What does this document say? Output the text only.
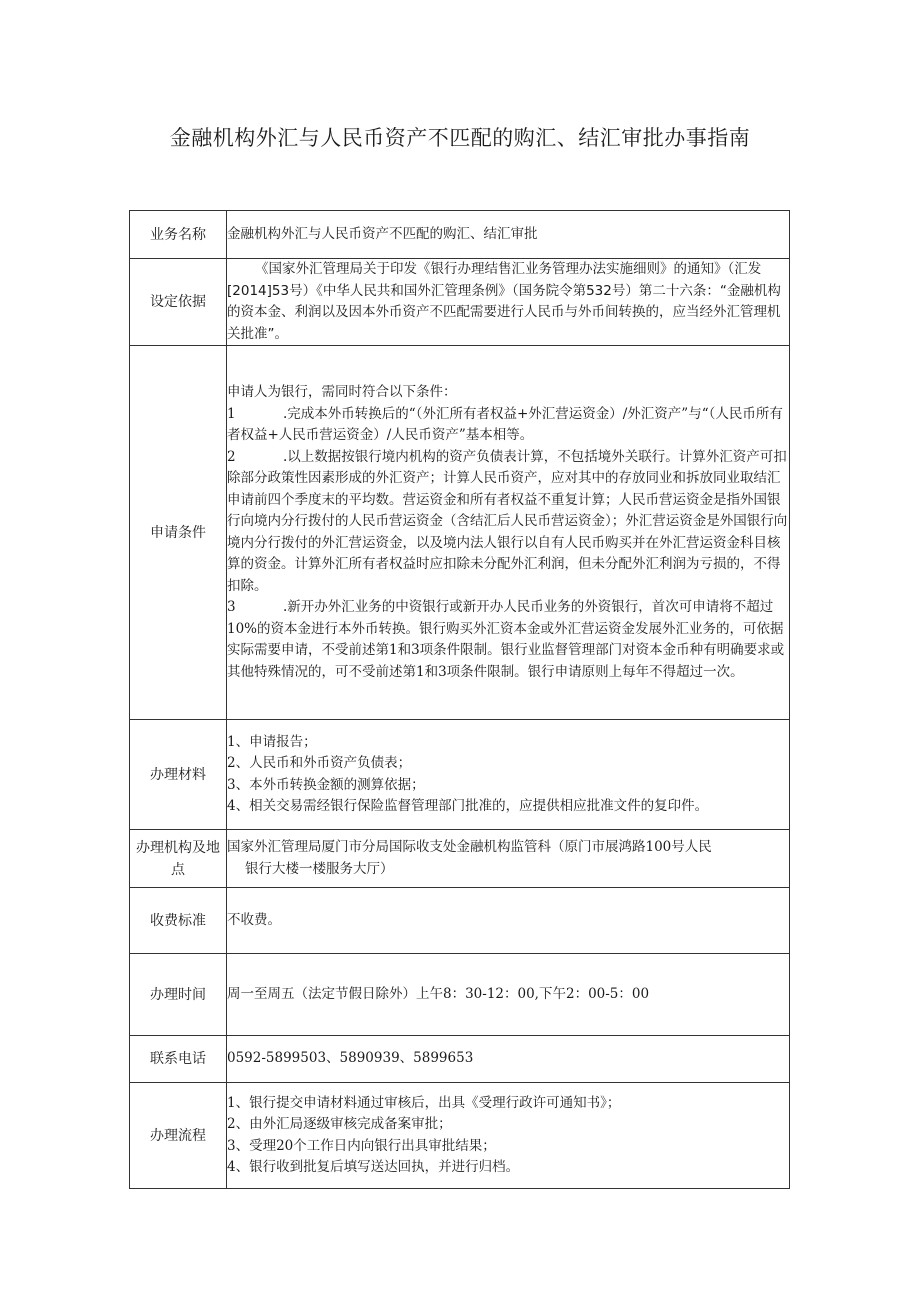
金融机构外汇与人民币资产不匹配的购汇、结汇审批办事指南
业务名称	金融机构外汇与人民币资产不匹配的购汇、结汇审批
设定依据	《国家外汇管理局关于印发《银行办理结售汇业务管理办法实施细则》的通知》（汇发[2014]53号）《中华人民共和国外汇管理条例》（国务院令第532号）第二十六条：“金融机构的资本金、利润以及因本外币资产不匹配需要进行人民币与外币间转换的，应当经外汇管理机关批准”。
申请条件	申请人为银行，需同时符合以下条件：
1 .完成本外币转换后的“（外汇所有者权益+外汇营运资金）/外汇资产”与“（人民币所有者权益+人民币营运资金）/人民币资产”基本相等。
2 .以上数据按银行境内机构的资产负债表计算，不包括境外关联行。计算外汇资产可扣除部分政策性因素形成的外汇资产；计算人民币资产，应对其中的存放同业和拆放同业取结汇申请前四个季度末的平均数。营运资金和所有者权益不重复计算；人民币营运资金是指外国银行向境内分行拨付的人民币营运资金（含结汇后人民币营运资金）；外汇营运资金是外国银行向境内分行拨付的外汇营运资金，以及境内法人银行以自有人民币购买并在外汇营运资金科目核算的资金。计算外汇所有者权益时应扣除未分配外汇利润，但未分配外汇利润为亏损的，不得扣除。
3 .新开办外汇业务的中资银行或新开办人民币业务的外资银行，首次可申请将不超过10%的资本金进行本外币转换。银行购买外汇资本金或外汇营运资金发展外汇业务的，可依据实际需要申请，不受前述第1和3项条件限制。银行业监督管理部门对资本金币种有明确要求或其他特殊情况的，可不受前述第1和3项条件限制。银行申请原则上每年不得超过一次。

办理材料	1、申请报告；
2、人民币和外币资产负债表；
3、本外币转换金额的测算依据；
4、相关交易需经银行保险监督管理部门批准的，应提供相应批准文件的复印件。

办理机构及地点	国家外汇管理局厦门市分局国际收支处金融机构监管科（原门市展鸿路100号人民
银行大楼一楼服务大厅）

收费标准	不收费。
办理时间	周一至周五（法定节假日除外）上午8：30-12：00,下午2：00-5：00
联系电话	0592-5899503、5890939、5899653
办理流程	1、银行提交申请材料通过审核后，出具《受理行政许可通知书》；
2、由外汇局逐级审核完成备案审批；
3、受理20个工作日内向银行出具审批结果；
4、银行收到批复后填写送达回执，并进行归档。
